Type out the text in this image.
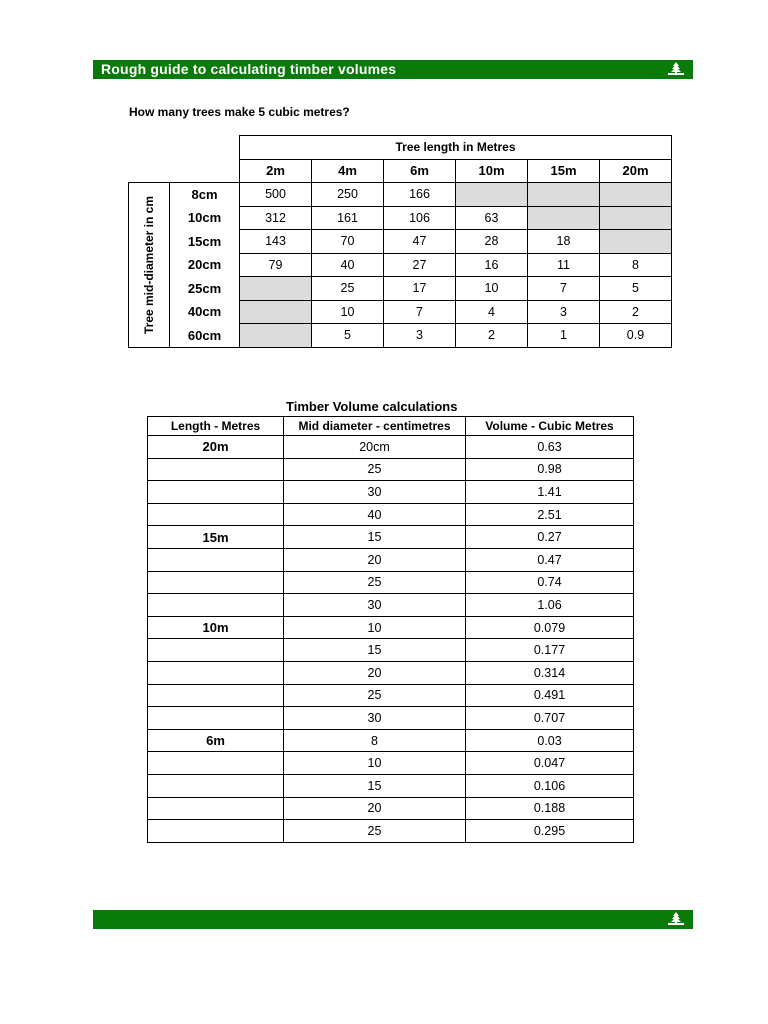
Rough guide to calculating timber volumes
How many trees make 5 cubic metres?
		Tree length in Metres					
		2m	4m	6m	10m	15m	20m

Tree mid-diameter in cm	8cm	500	250	166			
	10cm	312	161	106	63		
	15cm	143	70	47	28	18	
	20cm	79	40	27	16	11	8
	25cm		25	17	10	7	5
	40cm		10	7	4	3	2
	60cm		5	3	2	1	0.9
Timber Volume calculations
Length - Metres	Mid diameter - centimetres	Volume - Cubic Metres
20m	20cm	0.63
	25	0.98
	30	1.41
	40	2.51
15m	15	0.27
	20	0.47
	25	0.74
	30	1.06
10m	10	0.079
	15	0.177
	20	0.314
	25	0.491
	30	0.707
6m	8	0.03
	10	0.047
	15	0.106
	20	0.188
	25	0.295
